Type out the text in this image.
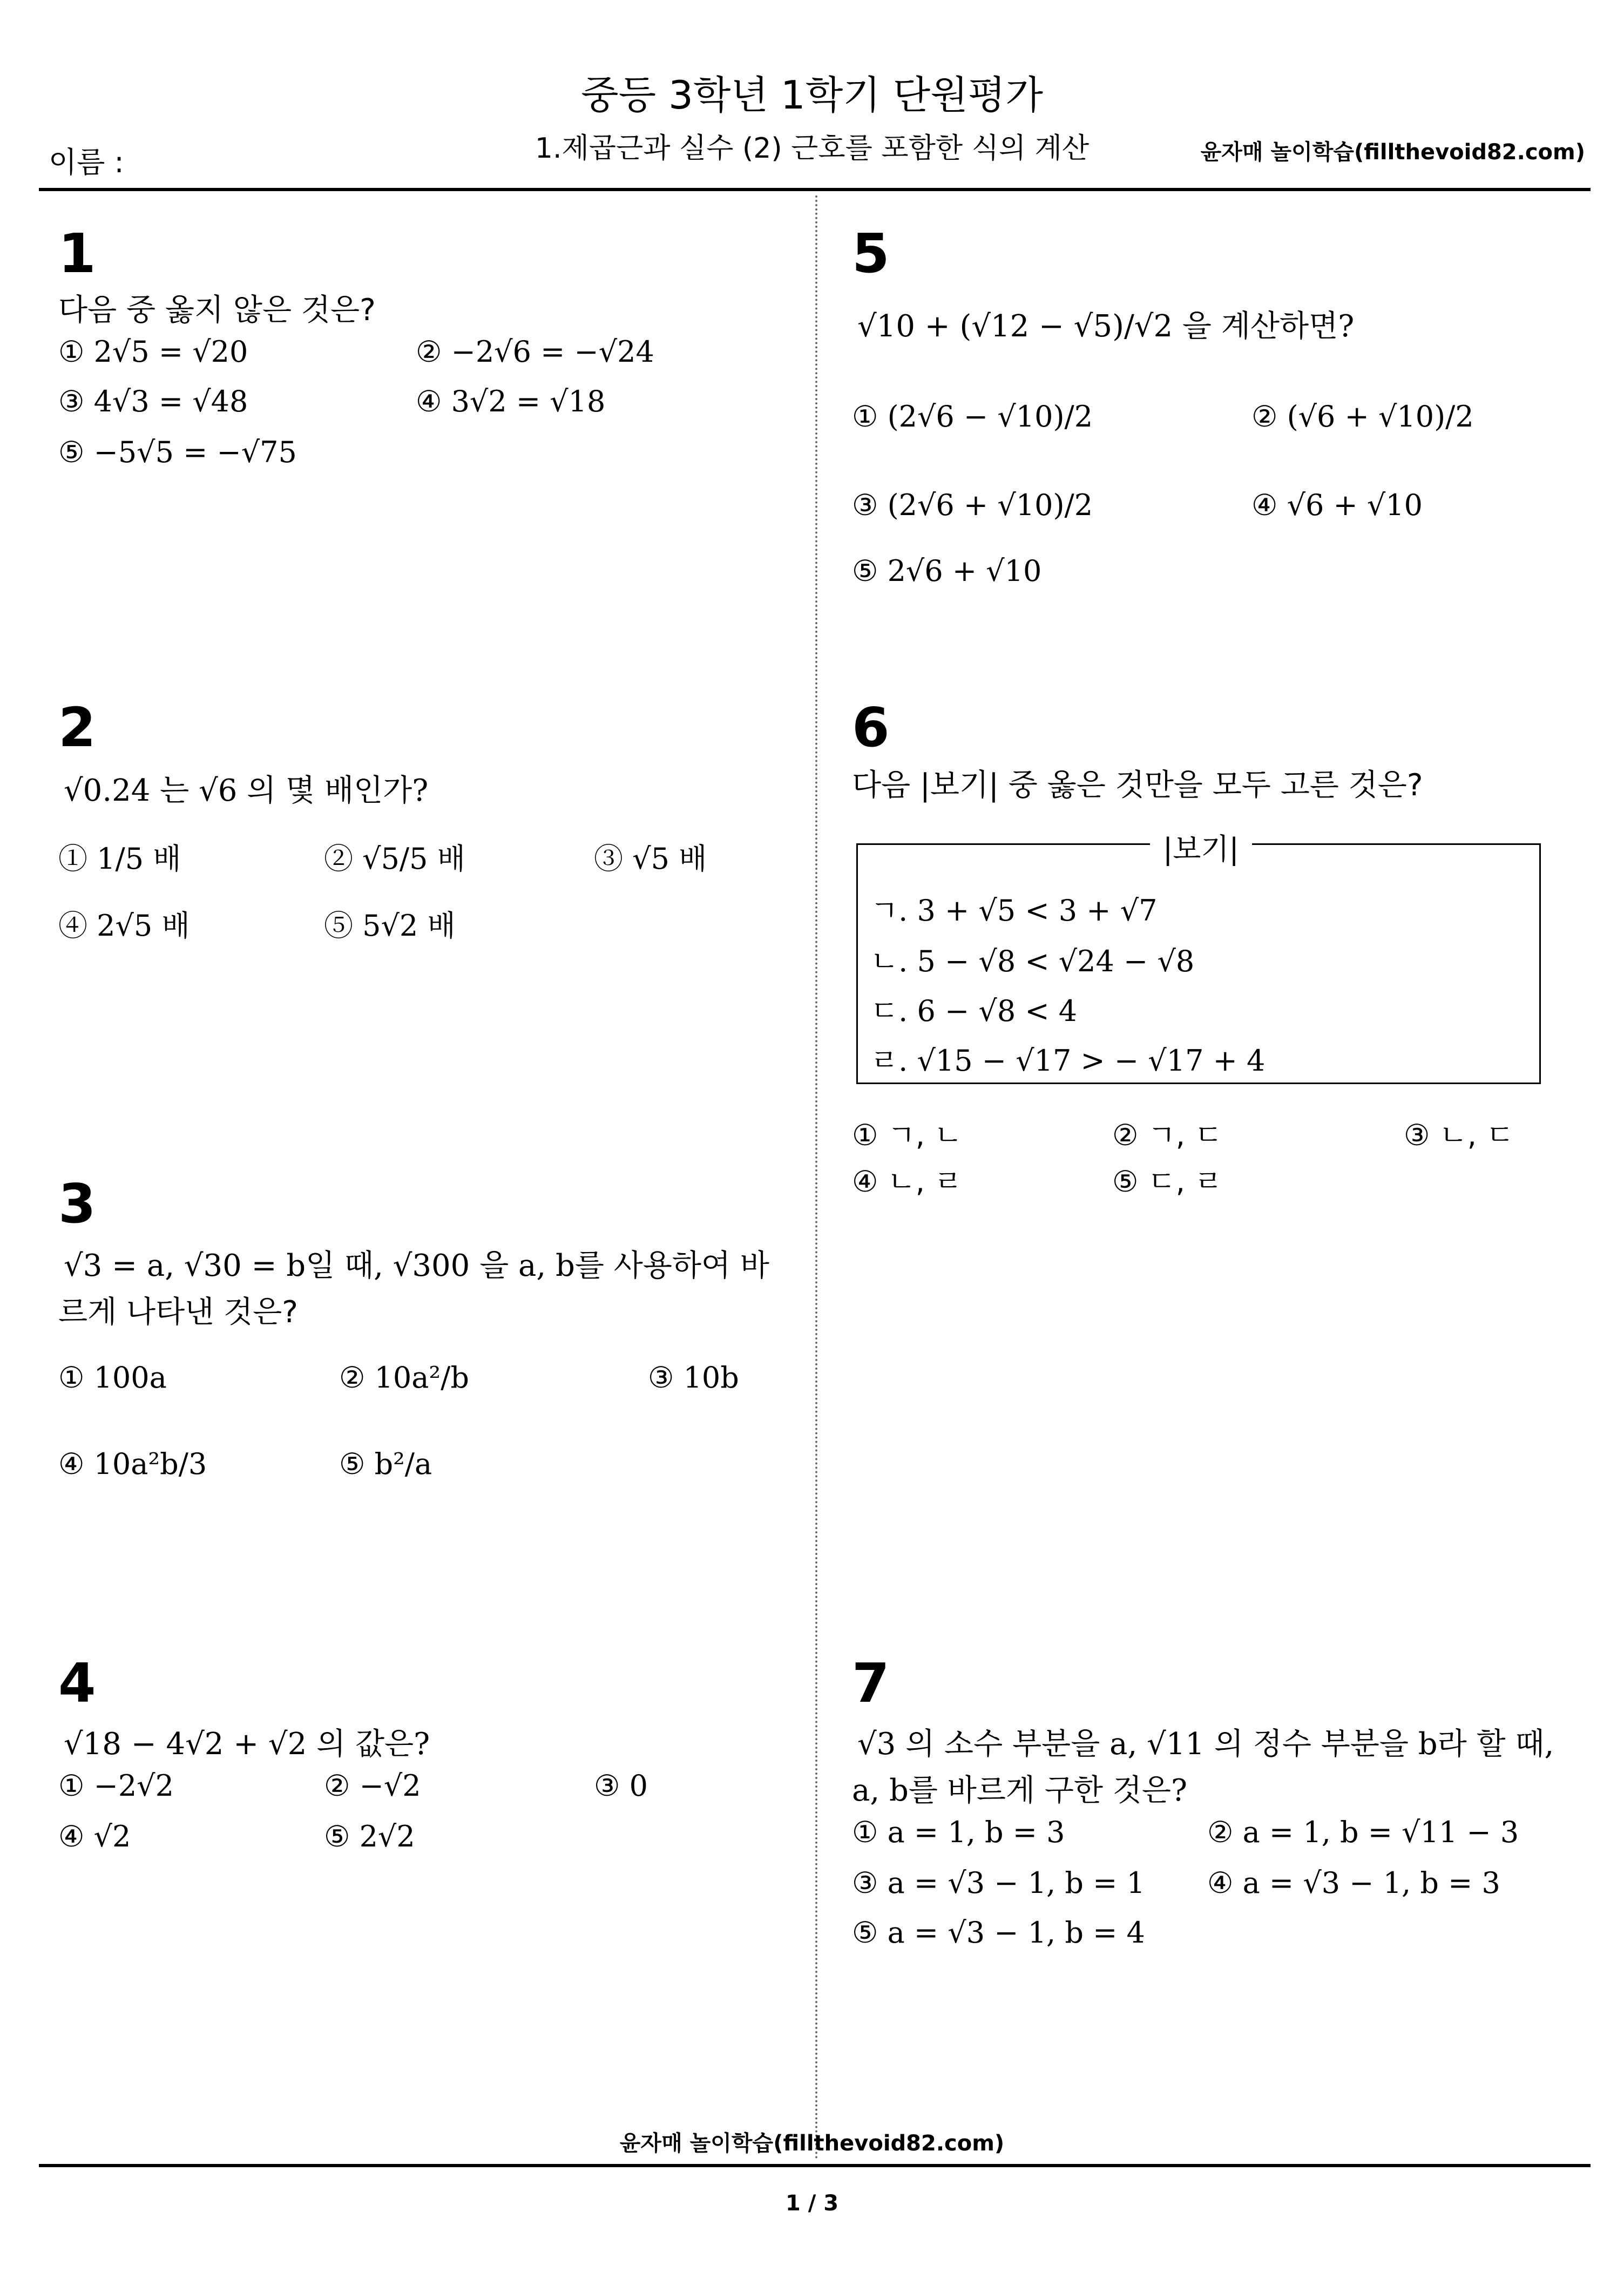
중등 3학년 1학기 단원평가
1.제곱근과 실수 (2) 근호를 포함한 식의 계산
이름 :	윤자매 놀이학습(fillthevoid82.com)
1
다음 중 옳지 않은 것은?
① 2√5 = √20	② −2√6 = −√24
③ 4√3 = √48	④ 3√2 = √18
⑤ −5√5 = −√75
2
√0.24 는 √6 의 몇 배인가?
① 1/5 배	② √5/5 배	③ √5 배
④ 2√5 배	⑤ 5√2 배
3
√3 = a, √30 = b일 때, √300 을 a, b를 사용하여 바
르게 나타낸 것은?
① 100a	② 10a²/b	③ 10b
④ 10a²b/3	⑤ b²/a
4
√18 − 4√2 + √2 의 값은?
① −2√2	② −√2	③ 0
④ √2	⑤ 2√2
5
√10 + (√12 − √5)/√2 을 계산하면?
① (2√6 − √10)/2	② (√6 + √10)/2
③ (2√6 + √10)/2	④ √6 + √10
⑤ 2√6 + √10
6
다음 |보기| 중 옳은 것만을 모두 고른 것은?
|보기|
ㄱ. 3 + √5 < 3 + √7
ㄴ. 5 − √8 < √24 − √8
ㄷ. 6 − √8 < 4
ㄹ. √15 − √17 > − √17 + 4
① ㄱ, ㄴ	② ㄱ, ㄷ	③ ㄴ, ㄷ
④ ㄴ, ㄹ	⑤ ㄷ, ㄹ
7
√3 의 소수 부분을 a, √11 의 정수 부분을 b라 할 때,
a, b를 바르게 구한 것은?
① a = 1, b = 3	② a = 1, b = √11 − 3
③ a = √3 − 1, b = 1 ④ a = √3 − 1, b = 3
⑤ a = √3 − 1, b = 4
윤자매 놀이학습(fillthevoid82.com)
1 / 3
